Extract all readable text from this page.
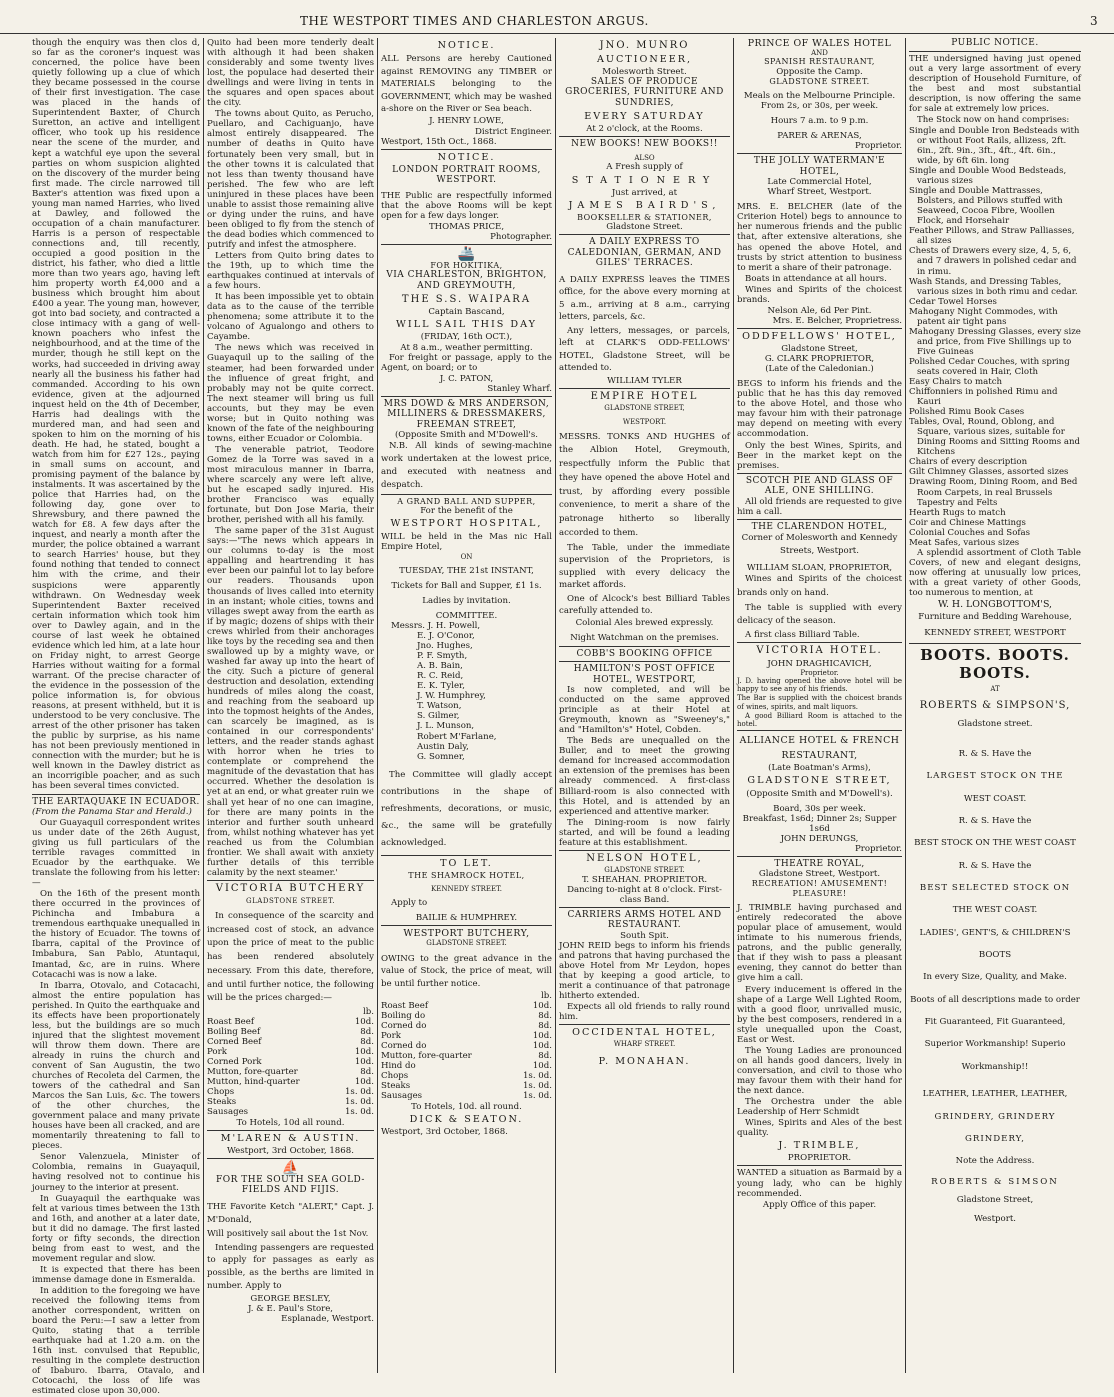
THE WESTPORT TIMES AND CHARLESTON ARGUS.	3

though the enquiry was then clos d, so far as the coroner's inquest was concerned, the police have been quietly following up a clue of which they became possessed in the course of their first investigation. The case was placed in the hands of Superintendent Baxter, of Church Suretton, an active and intelligent officer, who took up his residence near the scene of the murder, and kept a watchful eye upon the several parties on whom suspicion alighted on the discovery of the murder being first made. The circle narrowed till Baxter's attention was fixed upon a young man named Harries, who lived at Dawley, and followed the occupation of a chain manufacturer. Harris is a person of respectable connections and, till recently, occupied a good position in the district, his father, who died a little more than two years ago, having left him property worth £4,000 and a business which brought him about £400 a year. The young man, however, got into bad society, and contracted a close intimacy with a gang of well-known poachers who infest the neighbourhood, and at the time of the murder, though he still kept on the works, had succeeded in driving away nearly all the business his father had commanded. According to his own evidence, given at the adjourned inquest held on the 4th of December, Harris had dealings with the murdered man, and had seen and spoken to him on the morning of his death. He had, he stated, bought a watch from him for £27 12s., paying in small sums on account, and promising payment of the balance by instalments. It was ascertained by the police that Harries had, on the following day, gone over to Shrewsbury, and there pawned the watch for £8. A few days after the inquest, and nearly a month after the murder, the police obtained a warrant to search Harries' house, but they found nothing that tended to connect him with the crime, and their suspicions were apparently withdrawn. On Wednesday week Superintendent Baxter received certain information which took him over to Dawley again, and in the course of last week he obtained evidence which led him, at a late hour on Friday night, to arrest George Harries without waiting for a formal warrant. Of the precise character of the evidence in the possession of the police information is, for obvious reasons, at present withheld, but it is understood to be very conclusive. The arrest of the other prisoner has taken the public by surprise, as his name has not been previously mentioned in connection with the murder; but he is well known in the Dawley district as an incorrigible poacher, and as such has been several times convicted.

THE EARTAQUAKE IN ECUADOR.

(From the Panama Star and Herald.)

Our Guayaquil correspondent writes us under date of the 26th August, giving us full particulars of the terrible ravages committed in Ecuador by the earthquake. We translate the following from his letter:—

On the 16th of the present month there occurred in the provinces of Pichincha and Imbabura a tremendous earthquake unequalled in the history of Ecuador. The towns of Ibarra, capital of the Province of Imbabura, San Pablo, Atuntaqui, Imantad, &c, are in ruins. Where Cotacachi was is now a lake.

In Ibarra, Otovalo, and Cotacachi, almost the entire population has perished. In Quito the earthquake and its effects have been proportionately less, but the buildings are so much injured that the slightest movement will throw them down. There are already in ruins the church and convent of San Augustin, the two churches of Recoleta del Carmen, the towers of the cathedral and San Marcos the San Luis, &c. The towers of the other churches, the government palace and many private houses have been all cracked, and are momentarily threatening to fall to pieces.

Senor Valenzuela, Minister of Colombia, remains in Guayaquil, having resolved not to continue his journey to the interior at present.

In Guayaquil the earthquake was felt at various times between the 13th and 16th, and another at a later date, but it did no damage. The first lasted forty or fifty seconds, the direction being from east to west, and the movement regular and slow.

It is expected that there has been immense damage done in Esmeralda.

In addition to the foregoing we have received the following items from another correspondent, written on board the Peru:—I saw a letter from Quito, stating that a terrible earthquake had at 1.20 a.m. on the 16th inst. convulsed that Republic, resulting in the complete destruction of Ibaburo. Ibarra, Otavalo, and Cotocachi, the loss of life was estimated close upon 30,000.

Quito had been more tenderly dealt with although it had been shaken considerably and some twenty lives lost, the populace had deserted their dwellings and were living in tents in the squares and open spaces about the city.

The towns about Quito, as Perucho, Puellaro, and Cachiguanjo, have almost entirely disappeared. The number of deaths in Quito have fortunately been very small, but in the other towns it is calculated that not less than twenty thousand have perished. The few who are left uninjured in these places have been unable to assist those remaining alive or dying under the ruins, and have been obliged to fly from the stench of the dead bodies which commenced to putrify and infest the atmosphere.

Letters from Quito bring dates to the 19th, up to which time the earthquakes continued at intervals of a few hours.

It has been impossible yet to obtain data as to the cause of the terrible phenomena; some attribute it to the volcano of Agualongo and others to Cayambe.

The news which was received in Guayaquil up to the sailing of the steamer, had been forwarded under the influence of great fright, and probably may not be quite correct. The next steamer will bring us full accounts, but they may be even worse; but in Quito nothing was known of the fate of the neighbouring towns, either Ecuador or Colombia.

The venerable patriot, Teodore Gomez de la Torre was saved in a most miraculous manner in Ibarra, where scarcely any were left alive, but he escaped sadly injured. His brother Francisco was equally fortunate, but Don Jose Maria, their brother, perished with all his family.

The same paper of the 31st August says:—"The news which appears in our columns to-day is the most appalling and heartrending it has ever been our painful lot to lay before our readers. Thousands upon thousands of lives called into eternity in an instant; whole cities, towns and villages swept away from the earth as if by magic; dozens of ships with their crews whirled from their anchorages like toys by the receding sea and then swallowed up by a mighty wave, or washed far away up into the heart of the city. Such a picture of general destruction and desolation, extending hundreds of miles along the coast, and reaching from the seaboard up into the topmost heights of the Andes, can scarcely be imagined, as is contained in our correspondents' letters, and the reader stands aghast with horror when he tries to contemplate or comprehend the magnitude of the devastation that has occurred. Whether the desolation is yet at an end, or what greater ruin we shall yet hear of no one can imagine, for there are many points in the interior and further south unheard from, whilst nothing whatever has yet reached us from the Columbian frontier. We shall await with anxiety further details of this terrible calamity by the next steamer.'

VICTORIA BUTCHERY
GLADSTONE STREET.

In consequence of the scarcity and increased cost of stock, an advance upon the price of meat to the public has been rendered absolutely necessary. From this date, therefore, and until further notice, the following will be the prices charged:—

lb.
Roast Beef	10d.
Boiling Beef	8d.
Corned Beef	8d.
Pork	10d.
Corned Pork	10d.
Mutton, fore-quarter	8d.
Mutton, hind-quarter	10d.
Chops	1s. 0d.
Steaks	1s. 0d.
Sausages	1s. 0d.
To Hotels, 10d all round.
M'LAREN & AUSTIN.
Westport, 3rd October, 1868.
⛵
FOR THE SOUTH SEA GOLD-FIELDS AND FIJIS.

THE Favorite Ketch "ALERT," Capt. J. M'Donald,

Will positively sail about the 1st Nov.

Intending passengers are requested to apply for passages as early as possible, as the berths are limited in number. Apply to

GEORGE BESLEY,
J. & E. Paul's Store,
Esplanade, Westport.
NOTICE.

ALL Persons are hereby Cautioned against REMOVING any TIMBER or MATERIALS belonging to the GOVERNMENT, which may be washed a-shore on the River or Sea beach.

J. HENRY LOWE,
District Engineer.
Westport, 15th Oct., 1868.
NOTICE.
LONDON PORTRAIT ROOMS, WESTPORT.

THE Public are respectfully informed that the above Rooms will be kept open for a few days longer.

THOMAS PRICE,
Photographer.
🚢
FOR HOKITIKA,
VIA CHARLESTON, BRIGHTON, AND GREYMOUTH,
THE S.S. WAIPARA
Captain Bascand,
WILL SAIL THIS DAY
(FRIDAY, 16th OCT.),
At 8 a.m., weather permitting.

For freight or passage, apply to the Agent, on board; or to

J. C. PATON,
Stanley Wharf.
MRS DOWD & MRS ANDERSON, MILLINERS & DRESSMAKERS, FREEMAN STREET,
(Opposite Smith and M'Dowell's.

N.B. All kinds of sewing-machine work undertaken at the lowest price, and executed with neatness and despatch.

A GRAND BALL AND SUPPER,
For the benefit of the
WESTPORT HOSPITAL,

WILL be held in the Mas nic Hall Empire Hotel,

ON
TUESDAY, THE 21st INSTANT,
Tickets for Ball and Supper, £1 1s.
Ladies by invitation.
COMMITTEE.
Messrs. J. H. Powell,
E. J. O'Conor,
Jno. Hughes,
P. F. Smyth,
A. B. Bain,
R. C. Reid,
E. K. Tyler,
J. W. Humphrey,
T. Watson,
S. Gilmer,
J. L. Munson,
Robert M'Farlane,
Austin Daly,
G. Somner,

The Committee will gladly accept contributions in the shape of refreshments, decorations, or music, &c., the same will be gratefully acknowledged.

TO LET.
THE SHAMROCK HOTEL,
KENNEDY STREET.
Apply to
BAILIE & HUMPHREY.
WESTPORT BUTCHERY,
GLADSTONE STREET.

OWING to the great advance in the value of Stock, the price of meat, will be until further notice.

lb.
Roast Beef	10d.
Boiling do	8d.
Corned do	8d.
Pork	10d.
Corned do	10d.
Mutton, fore-quarter	8d.
Hind do	10d.
Chops	1s. 0d.
Steaks	1s. 0d.
Sausages	1s. 0d.
To Hotels, 10d. all round.
DICK & SEATON.
Westport, 3rd October, 1868.
JNO. MUNRO
AUCTIONEER,
Molesworth Street.
SALES OF PRODUCE GROCERIES, FURNITURE AND SUNDRIES,
EVERY SATURDAY
At 2 o'clock, at the Rooms.
NEW BOOKS! NEW BOOKS!!
ALSO
A Fresh supply of
STATIONERY
Just arrived, at
JAMES BAIRD'S,
BOOKSELLER & STATIONER,
Gladstone Street.
A DAILY EXPRESS TO CALEDONIAN, GERMAN, AND GILES' TERRACES.

A DAILY EXPRESS leaves the TIMES office, for the above every morning at 5 a.m., arriving at 8 a.m., carrying letters, parcels, &c.

Any letters, messages, or parcels, left at CLARK'S ODD-FELLOWS' HOTEL, Gladstone Street, will be attended to.

WILLIAM TYLER
EMPIRE HOTEL
GLADSTONE STREET,
WESTPORT.

MESSRS. TONKS AND HUGHES of the Albion Hotel, Greymouth, respectfully inform the Public that they have opened the above Hotel and trust, by affording every possible convenience, to merit a share of the patronage hitherto so liberally accorded to them.

The Table, under the immediate supervision of the Proprietors, is supplied with every delicacy the market affords.

One of Alcock's best Billiard Tables carefully attended to.

Colonial Ales brewed expressly.
Night Watchman on the premises.
COBB'S BOOKING OFFICE
HAMILTON'S POST OFFICE HOTEL, WESTPORT,

Is now completed, and will be conducted on the same approved principle as at their Hotel at Greymouth, known as "Sweeney's," and "Hamilton's" Hotel, Cobden.

The Beds are unequalled on the Buller, and to meet the growing demand for increased accommodation an extension of the premises has been already commenced. A first-class Billiard-room is also connected with this Hotel, and is attended by an experienced and attentive marker.

The Dining-room is now fairly started, and will be found a leading feature at this establishment.

NELSON HOTEL,
GLADSTONE STREET.
T. SHEAHAN. PROPRIETOR.
Dancing to-night at 8 o'clock. First-class Band.
CARRIERS ARMS HOTEL AND RESTAURANT.
South Spit.

JOHN REID begs to inform his friends and patrons that having purchased the above Hotel from Mr Leydon, hopes that by keeping a good article, to merit a continuance of that patronage hitherto extended.

Expects all old friends to rally round him.

OCCIDENTAL HOTEL,
WHARF STREET.
P. MONAHAN.
PRINCE OF WALES HOTEL
AND
SPANISH RESTAURANT,
Opposite the Camp.
GLADSTONE STREET.
Meals on the Melbourne Principle. From 2s, or 30s, per week.
Hours 7 a.m. to 9 p.m.
PARER & ARENAS,
Proprietor.
THE JOLLY WATERMAN'E HOTEL,
Late Commercial Hotel,
Wharf Street, Westport.

MRS. E. BELCHER (late of the Criterion Hotel) begs to announce to her numerous friends and the public that, after extensive alterations, she has opened the above Hotel, and trusts by strict attention to business to merit a share of their patronage.

Boats in attendance at all hours.

Wines and Spirits of the choicest brands.

Nelson Ale, 6d Per Pint.
Mrs. E. Belcher, Proprietress.
ODDFELLOWS' HOTEL,
Gladstone Street,
G. CLARK PROPRIETOR,
(Late of the Caledonian.)

BEGS to inform his friends and the public that he has this day removed to the above Hotel, and those who may favour him with their patronage may depend on meeting with every accommodation.

Only the best Wines, Spirits, and Beer in the market kept on the premises.

SCOTCH PIE AND GLASS OF ALE, ONE SHILLING.

All old friends are requested to give him a call.

THE CLARENDON HOTEL,
Corner of Molesworth and Kennedy Streets, Westport.
WILLIAM SLOAN, PROPRIETOR,

Wines and Spirits of the choicest brands only on hand.

The table is supplied with every delicacy of the season.

A first class Billiard Table.

VICTORIA HOTEL.
JOHN DRAGHICAVICH,
Proprietor.

J. D. having opened the above hotel will be happy to see any of his friends.

The Bar is supplied with the choicest brands of wines, spirits, and malt liquors.

A good Billiard Room is attached to the hotel.

ALLIANCE HOTEL & FRENCH RESTAURANT,
(Late Boatman's Arms),
GLADSTONE STREET,
(Opposite Smith and M'Dowell's).
Board, 30s per week.
Breakfast, 1s6d; Dinner 2s; Supper 1s6d
JOHN DERUNGS,
Proprietor.
THEATRE ROYAL,
Gladstone Street, Westport.
RECREATION! AMUSEMENT! PLEASURE!

J. TRIMBLE having purchased and entirely redecorated the above popular place of amusement, would intimate to his numerous friends, patrons, and the public generally, that if they wish to pass a pleasant evening, they cannot do better than give him a call.

Every inducement is offered in the shape of a Large Well Lighted Room, with a good floor, unrivalled music, by the best composers, rendered in a style unequalled upon the Coast, East or West.

The Young Ladies are pronounced on all hands good dancers, lively in conversation, and civil to those who may favour them with their hand for the next dance.

The Orchestra under the able Leadership of Herr Schmidt

Wines, Spirits and Ales of the best quality.

J. TRIMBLE,
PROPRIETOR.

WANTED a situation as Barmaid by a young lady, who can be highly recommended.

Apply Office of this paper.
PUBLIC NOTICE.

THE undersigned having just opened out a very large assortment of every description of Household Furniture, of the best and most substantial description, is now offering the same for sale at extremely low prices.

The Stock now on hand comprises:

Single and Double Iron Bedsteads with or without Foot Rails, allizess, 2ft. 6in., 2ft. 9in., 3ft., 4ft., 4ft. 6in., wide, by 6ft 6in. long
Single and Double Wood Bedsteads, various sizes
Single and Double Mattrasses, Bolsters, and Pillows stuffed with Seaweed, Cocoa Fibre, Woollen Flock, and Horsehair
Feather Pillows, and Straw Palliasses, all sizes
Chests of Drawers every size, 4, 5, 6, and 7 drawers in polished cedar and in rimu.
Wash Stands, and Dressing Tables, various sizes in both rimu and cedar.
Cedar Towel Horses
Mahogany Night Commodes, with patent air tight pans
Mahogany Dressing Glasses, every size and price, from Five Shillings up to Five Guineas
Polished Cedar Couches, with spring seats covered in Hair, Cloth
Easy Chairs to match
Chiffonniers in polished Rimu and Kauri
Polished Rimu Book Cases
Tables, Oval, Round, Oblong, and Square, various sizes, suitable for Dining Rooms and Sitting Rooms and Kitchens
Chairs of every description
Gilt Chimney Glasses, assorted sizes
Drawing Room, Dining Room, and Bed Room Carpets, in real Brussels Tapestry and Felts
Hearth Rugs to match
Coir and Chinese Mattings
Colonial Couches and Sofas
Meat Safes, various sizes

A splendid assortment of Cloth Table Covers, of new and elegant designs, now offering at unusually low prices, with a great variety of other Goods, too numerous to mention, at

W. H. LONGBOTTOM'S,
Furniture and Bedding Warehouse,
KENNEDY STREET, WESTPORT
BOOTS. BOOTS. BOOTS.
AT
ROBERTS & SIMPSON'S,
Gladstone street.
R. & S. Have the
LARGEST STOCK ON THE
WEST COAST.
R. & S. Have the
BEST STOCK ON THE WEST COAST
R. & S. Have the
BEST SELECTED STOCK ON
THE WEST COAST.
LADIES', GENT'S, & CHILDREN'S
BOOTS
In every Size, Quality, and Make.
Boots of all descriptions made to order
Fit Guaranteed, Fit Guaranteed,
Superior Workmanship! Superio
Workmanship!!
LEATHER, LEATHER, LEATHER,
GRINDERY, GRINDERY
GRINDERY,
Note the Address.
ROBERTS & SIMSON
Gladstone Street,
Westport.
